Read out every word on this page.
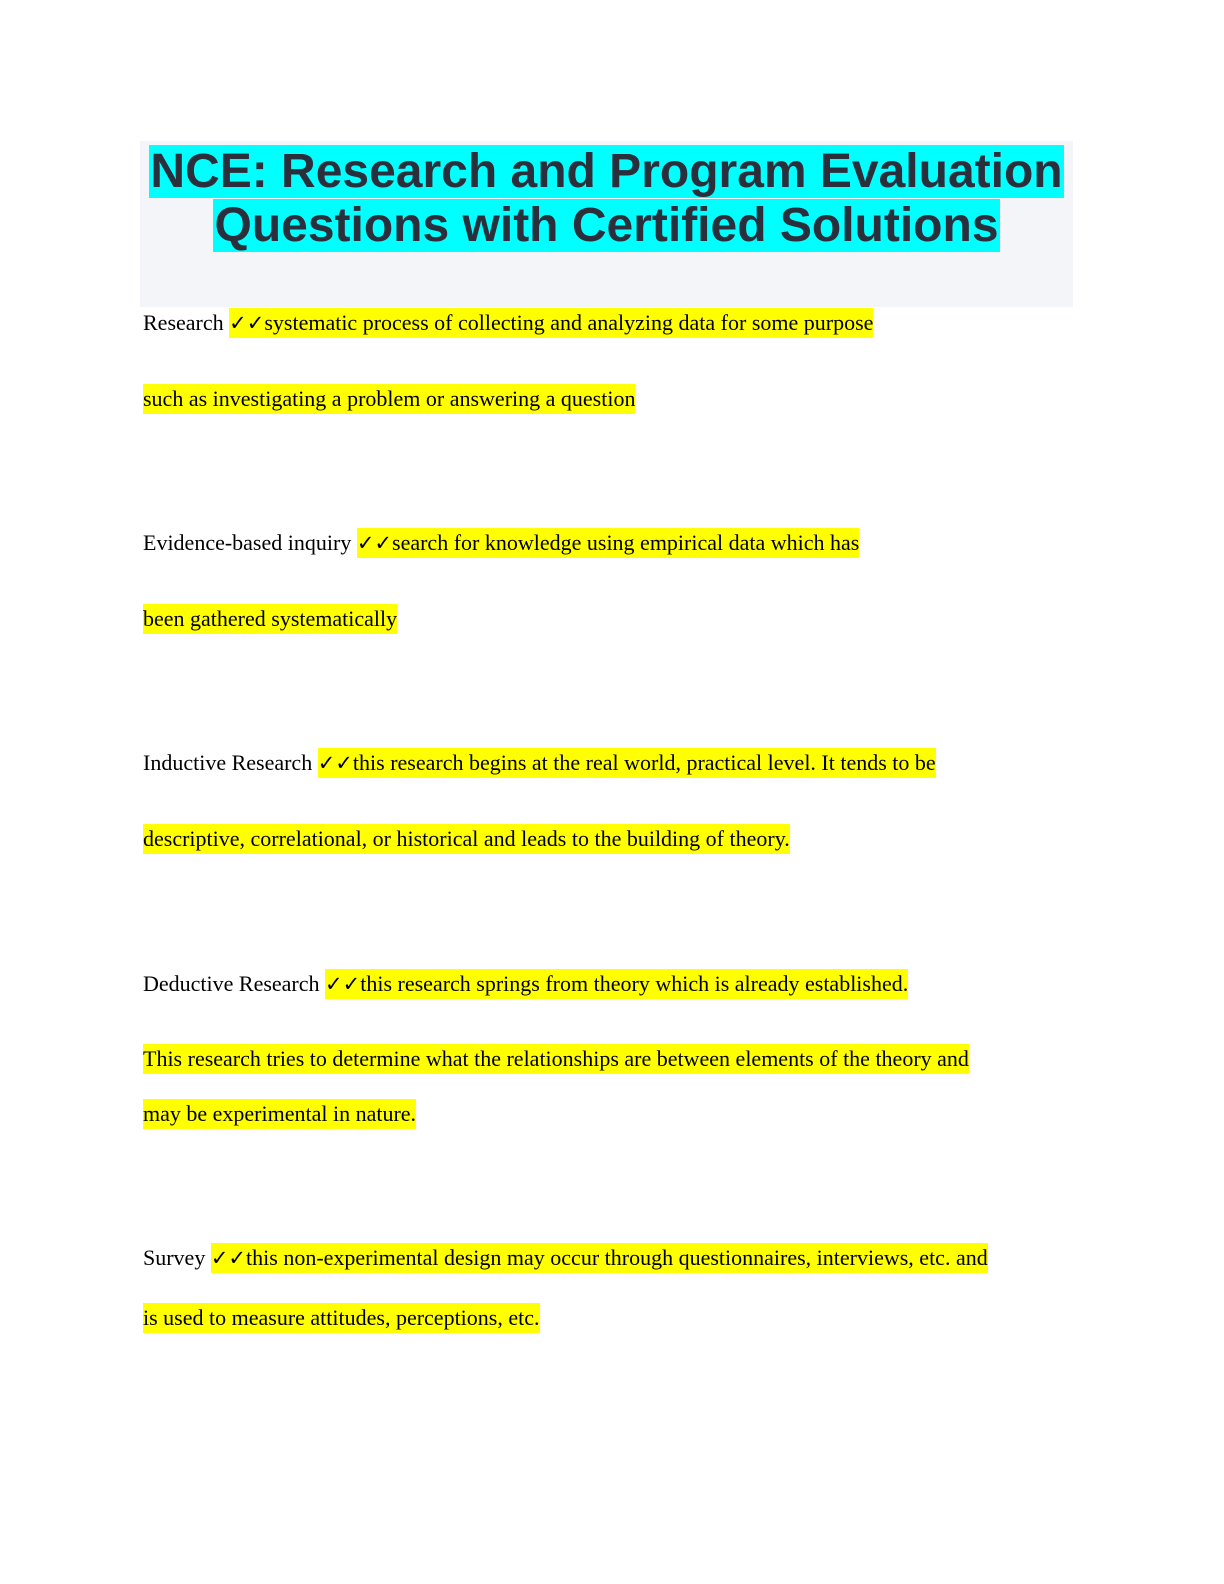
NCE: Research and Program Evaluation
Questions with Certified Solutions
Research ✓✓systematic process of collecting and analyzing data for some purpose
such as investigating a problem or answering a question
Evidence-based inquiry ✓✓search for knowledge using empirical data which has
been gathered systematically
Inductive Research ✓✓this research begins at the real world, practical level. It tends to be
descriptive, correlational, or historical and leads to the building of theory.
Deductive Research ✓✓this research springs from theory which is already established.
This research tries to determine what the relationships are between elements of the theory and
may be experimental in nature.
Survey ✓✓this non-experimental design may occur through questionnaires, interviews, etc. and
is used to measure attitudes, perceptions, etc.
